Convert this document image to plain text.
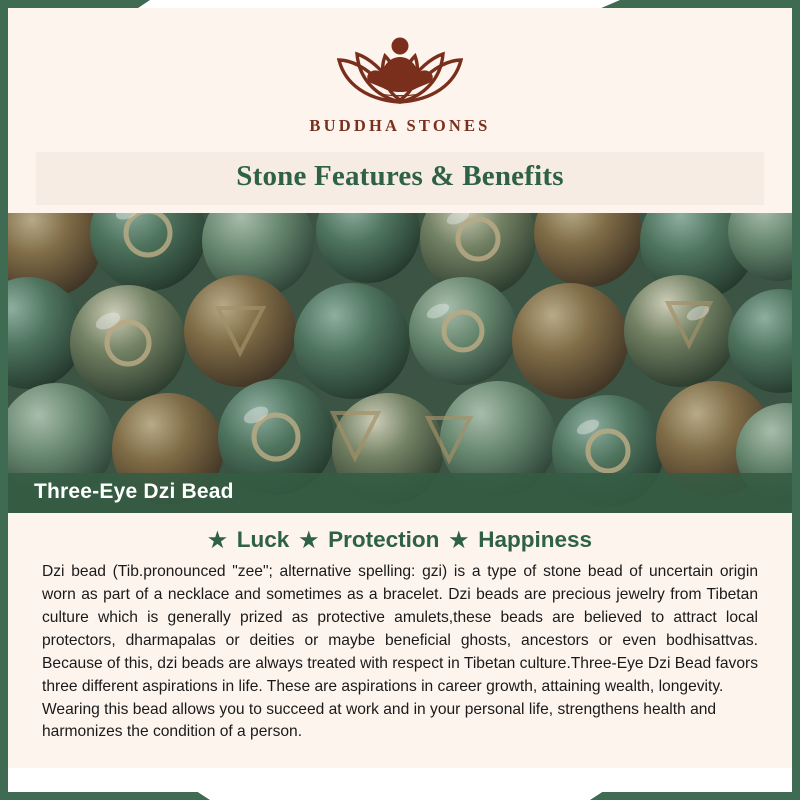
BUDDHA STONES
Stone Features & Benefits
Three-Eye Dzi Bead
★ Luck ★ Protection ★ Happiness

Dzi bead (Tib.pronounced "zee"; alternative spelling: gzi) is a type of stone bead of uncertain origin worn as part of a necklace and sometimes as a bracelet. Dzi beads are precious jewelry from Tibetan culture which is generally prized as protective amulets,these beads are believed to attract local protectors, dharmapalas or deities or maybe beneficial ghosts, ancestors or even bodhisattvas. Because of this, dzi beads are always treated with respect in Tibetan culture.Three-Eye Dzi Bead favors three different aspirations in life. These are aspirations in career growth, attaining wealth, longevity.

Wearing this bead allows you to succeed at work and in your personal life, strengthens health and harmonizes the condition of a person.
